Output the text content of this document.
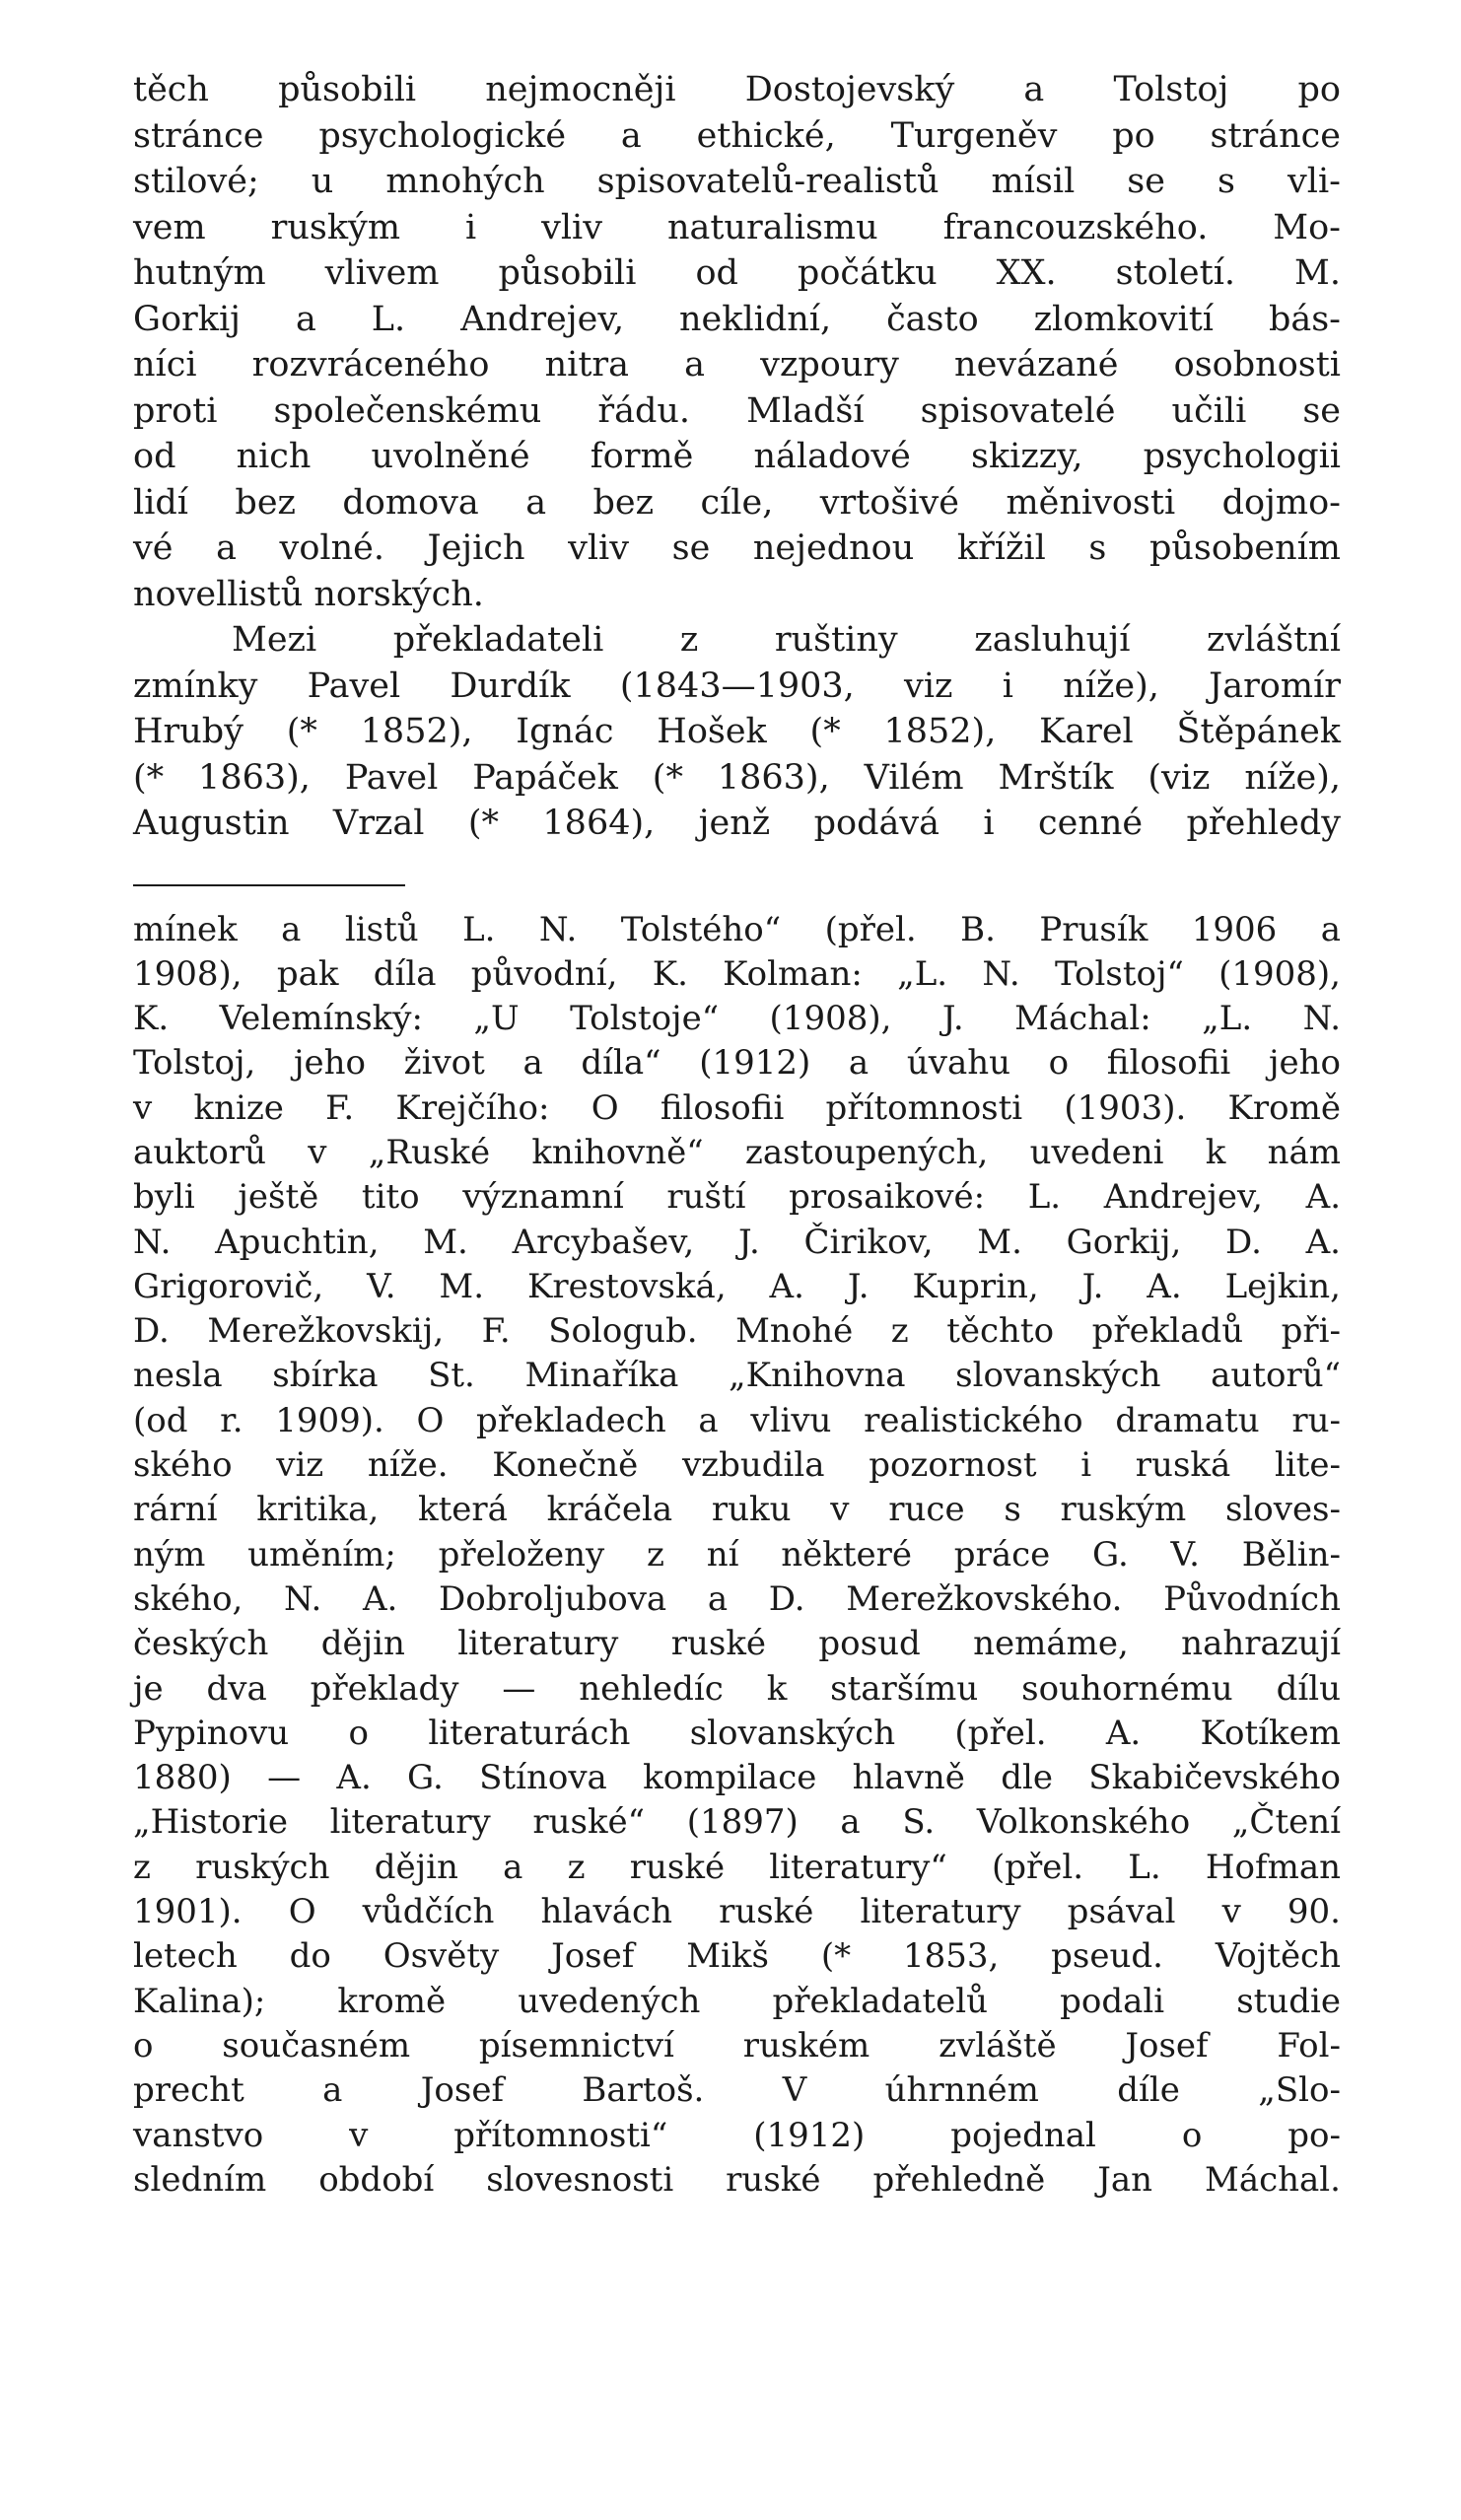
těch působili nejmocněji Dostojevský a Tolstoj po
stránce psychologické a ethické, Turgeněv po stránce
stilové; u mnohých spisovatelů-realistů mísil se s vli-
vem ruským i vliv naturalismu francouzského. Mo-
hutným vlivem působili od počátku XX. století. M.
Gorkij a L. Andrejev, neklidní, často zlomkovití bás-
níci rozvráceného nitra a vzpoury nevázané osobnosti
proti společenskému řádu. Mladší spisovatelé učili se
od nich uvolněné formě náladové skizzy, psychologii
lidí bez domova a bez cíle, vrtošivé měnivosti dojmo-
vé a volné. Jejich vliv se nejednou křížil s působením
novellistů norských.
Mezi překladateli z ruštiny zasluhují zvláštní
zmínky Pavel Durdík (1843—1903, viz i níže), Jaromír
Hrubý (* 1852), Ignác Hošek (* 1852), Karel Štěpánek
(* 1863), Pavel Papáček (* 1863), Vilém Mrštík (viz níže),
Augustin Vrzal (* 1864), jenž podává i cenné přehledy
mínek a listů L. N. Tolstého“ (přel. B. Prusík 1906 a
1908), pak díla původní, K. Kolman: „L. N. Tolstoj“ (1908),
K. Velemínský: „U Tolstoje“ (1908), J. Máchal: „L. N.
Tolstoj, jeho život a díla“ (1912) a úvahu o filosofii jeho
v knize F. Krejčího: O filosofii přítomnosti (1903). Kromě
auktorů v „Ruské knihovně“ zastoupených, uvedeni k nám
byli ještě tito významní ruští prosaikové: L. Andrejev, A.
N. Apuchtin, M. Arcybašev, J. Čirikov, M. Gorkij, D. A.
Grigorovič, V. M. Krestovská, A. J. Kuprin, J. A. Lejkin,
D. Merežkovskij, F. Sologub. Mnohé z těchto překladů při-
nesla sbírka St. Minaříka „Knihovna slovanských autorů“
(od r. 1909). O překladech a vlivu realistického dramatu ru-
ského viz níže. Konečně vzbudila pozornost i ruská lite-
rární kritika, která kráčela ruku v ruce s ruským sloves-
ným uměním; přeloženy z ní některé práce G. V. Bělin-
ského, N. A. Dobroljubova a D. Merežkovského. Původních
českých dějin literatury ruské posud nemáme, nahrazují
je dva překlady — nehledíc k staršímu souhornému dílu
Pypinovu o literaturách slovanských (přel. A. Kotíkem
1880) — A. G. Stínova kompilace hlavně dle Skabičevského
„Historie literatury ruské“ (1897) a S. Volkonského „Čtení
z ruských dějin a z ruské literatury“ (přel. L. Hofman
1901). O vůdčích hlavách ruské literatury psával v 90.
letech do Osvěty Josef Mikš (* 1853, pseud. Vojtěch
Kalina); kromě uvedených překladatelů podali studie
o současném písemnictví ruském zvláště Josef Fol-
precht a Josef Bartoš. V úhrnném díle „Slo-
vanstvo v přítomnosti“ (1912) pojednal o po-
sledním období slovesnosti ruské přehledně Jan Máchal.
